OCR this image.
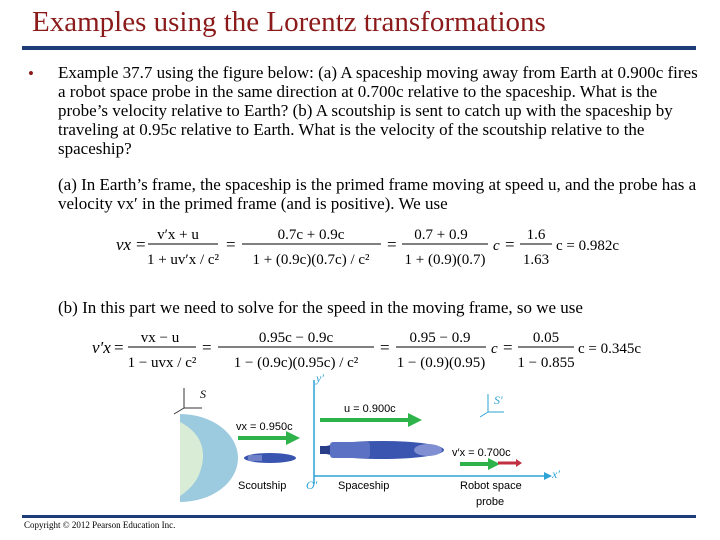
Examples using the Lorentz transformations
• Example 37.7 using the figure below: (a) A spaceship moving away from Earth at 0.900c fires a robot space probe in the same direction at 0.700c relative to the spaceship. What is the probe’s velocity relative to Earth? (b) A scoutship is sent to catch up with the spaceship by traveling at 0.95c relative to Earth. What is the velocity of the scoutship relative to the spaceship?
(a) In Earth’s frame, the spaceship is the primed frame moving at speed u, and the probe has a velocity vx′ in the primed frame (and is positive). We use
vx = v′x + u
1 + uv′x / c²
=	0.7c + 0.9c
1 + (0.9c)(0.7c) / c²
= 0.7 + 0.9
1 + (0.9)(0.7)
c = 1.6
1.63
c = 0.982c
(b) In this part we need to solve for the speed in the moving frame, so we use
v′x = vx − u
1 − uvx / c²
=	0.95c − 0.9c
1 − (0.9c)(0.95c) / c²
= 0.95 − 0.9
1 − (0.9)(0.95)
c = 0.05
1 − 0.855
c = 0.345c
S
y′
x′
O′
S′
u = 0.900c
vx = 0.950c
Scoutship	Spaceship
v′x = 0.700c
Robot space
probe
Copyright © 2012 Pearson Education Inc.
